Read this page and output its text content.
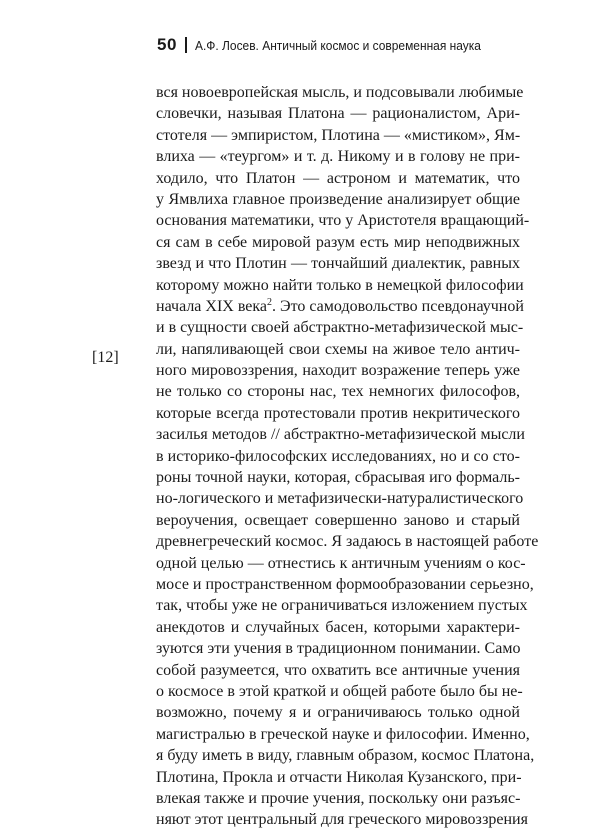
50 А.Ф. Лосев. Античный космос и современная наука
[12]
вся новоевропейская мысль, и подсовывали любимые
словечки, называя Платона — рационалистом, Ари-
стотеля — эмпиристом, Плотина — «мистиком», Ям-
влиха — «теургом» и т. д. Никому и в голову не при-
ходило, что Платон — астроном и математик, что
у Ямвлиха главное произведение анализирует общие
основания математики, что у Аристотеля вращающий-
ся сам в себе мировой разум есть мир неподвижных
звезд и что Плотин — тончайший диалектик, равных
которому можно найти только в немецкой философии
начала XIX века$^2$. Это самодовольство псевдонаучной
и в сущности своей абстрактно-метафизической мыс-
ли, напяливающей свои схемы на живое тело антич-
ного мировоззрения, находит возражение теперь уже
не только со стороны нас, тех немногих философов,
которые всегда протестовали против некритического
засилья методов // абстрактно-метафизической мысли
в историко-философских исследованиях, но и со сто-
роны точной науки, которая, сбрасывая иго формаль-
но-логического и метафизически-натуралистического
вероучения, освещает совершенно заново и старый
древнегреческий космос. Я задаюсь в настоящей работе
одной целью — отнестись к античным учениям о кос-
мосе и пространственном формообразовании серьезно,
так, чтобы уже не ограничиваться изложением пустых
анекдотов и случайных басен, которыми характери-
зуются эти учения в традиционном понимании. Само
собой разумеется, что охватить все античные учения
о космосе в этой краткой и общей работе было бы не-
возможно, почему я и ограничиваюсь только одной
магистралью в греческой науке и философии. Именно,
я буду иметь в виду, главным образом, космос Платона,
Плотина, Прокла и отчасти Николая Кузанского, при-
влекая также и прочие учения, поскольку они разъяс-
няют этот центральный для греческого мировоззрения
